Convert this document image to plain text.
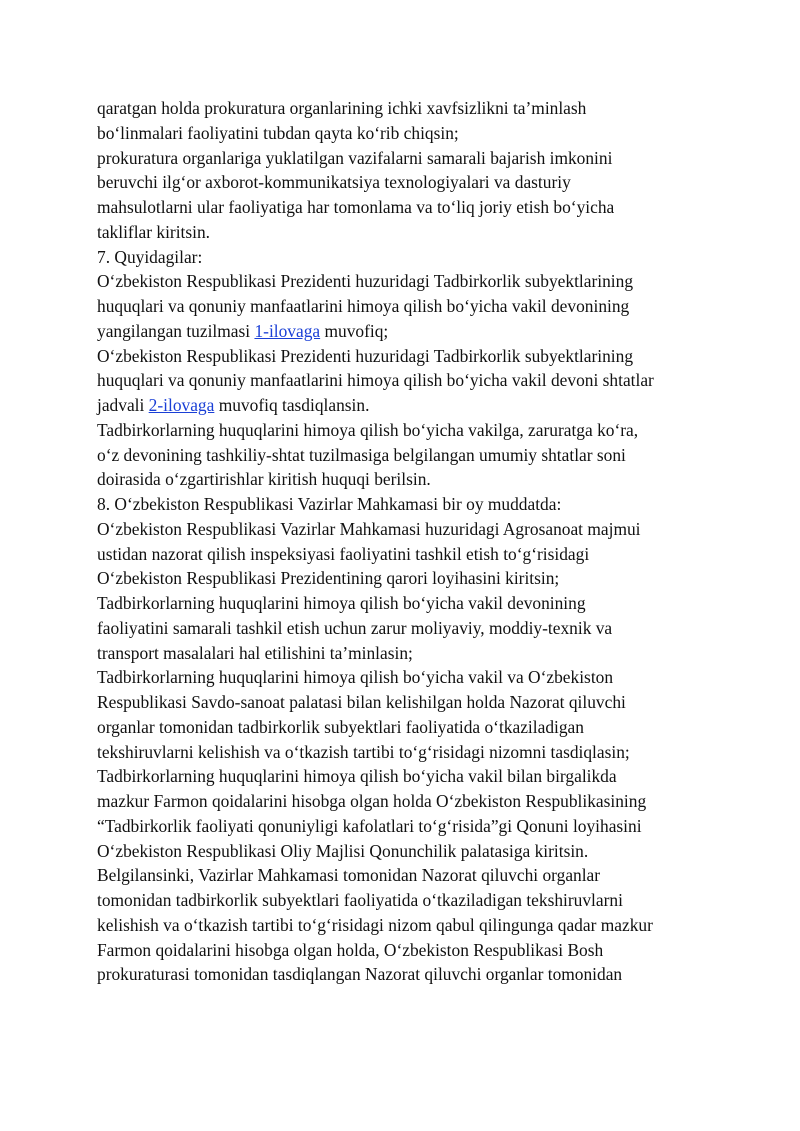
qaratgan holda prokuratura organlarining ichki xavfsizlikni ta’minlash
bo‘linmalari faoliyatini tubdan qayta ko‘rib chiqsin;
prokuratura organlariga yuklatilgan vazifalarni samarali bajarish imkonini
beruvchi ilg‘or axborot-kommunikatsiya texnologiyalari va dasturiy
mahsulotlarni ular faoliyatiga har tomonlama va to‘liq joriy etish bo‘yicha
takliflar kiritsin.
7. Quyidagilar:
O‘zbekiston Respublikasi Prezidenti huzuridagi Tadbirkorlik subyektlarining
huquqlari va qonuniy manfaatlarini himoya qilish bo‘yicha vakil devonining
yangilangan tuzilmasi 1-ilovaga muvofiq;
O‘zbekiston Respublikasi Prezidenti huzuridagi Tadbirkorlik subyektlarining
huquqlari va qonuniy manfaatlarini himoya qilish bo‘yicha vakil devoni shtatlar
jadvali 2-ilovaga muvofiq tasdiqlansin.
Tadbirkorlarning huquqlarini himoya qilish bo‘yicha vakilga, zaruratga ko‘ra,
o‘z devonining tashkiliy-shtat tuzilmasiga belgilangan umumiy shtatlar soni
doirasida o‘zgartirishlar kiritish huquqi berilsin.
8. O‘zbekiston Respublikasi Vazirlar Mahkamasi bir oy muddatda:
O‘zbekiston Respublikasi Vazirlar Mahkamasi huzuridagi Agrosanoat majmui
ustidan nazorat qilish inspeksiyasi faoliyatini tashkil etish to‘g‘risidagi
O‘zbekiston Respublikasi Prezidentining qarori loyihasini kiritsin;
Tadbirkorlarning huquqlarini himoya qilish bo‘yicha vakil devonining
faoliyatini samarali tashkil etish uchun zarur moliyaviy, moddiy-texnik va
transport masalalari hal etilishini ta’minlasin;
Tadbirkorlarning huquqlarini himoya qilish bo‘yicha vakil va O‘zbekiston
Respublikasi Savdo-sanoat palatasi bilan kelishilgan holda Nazorat qiluvchi
organlar tomonidan tadbirkorlik subyektlari faoliyatida o‘tkaziladigan
tekshiruvlarni kelishish va o‘tkazish tartibi to‘g‘risidagi nizomni tasdiqlasin;
Tadbirkorlarning huquqlarini himoya qilish bo‘yicha vakil bilan birgalikda
mazkur Farmon qoidalarini hisobga olgan holda O‘zbekiston Respublikasining
“Tadbirkorlik faoliyati qonuniyligi kafolatlari to‘g‘risida”gi Qonuni loyihasini
O‘zbekiston Respublikasi Oliy Majlisi Qonunchilik palatasiga kiritsin.
Belgilansinki, Vazirlar Mahkamasi tomonidan Nazorat qiluvchi organlar
tomonidan tadbirkorlik subyektlari faoliyatida o‘tkaziladigan tekshiruvlarni
kelishish va o‘tkazish tartibi to‘g‘risidagi nizom qabul qilingunga qadar mazkur
Farmon qoidalarini hisobga olgan holda, O‘zbekiston Respublikasi Bosh
prokuraturasi tomonidan tasdiqlangan Nazorat qiluvchi organlar tomonidan
